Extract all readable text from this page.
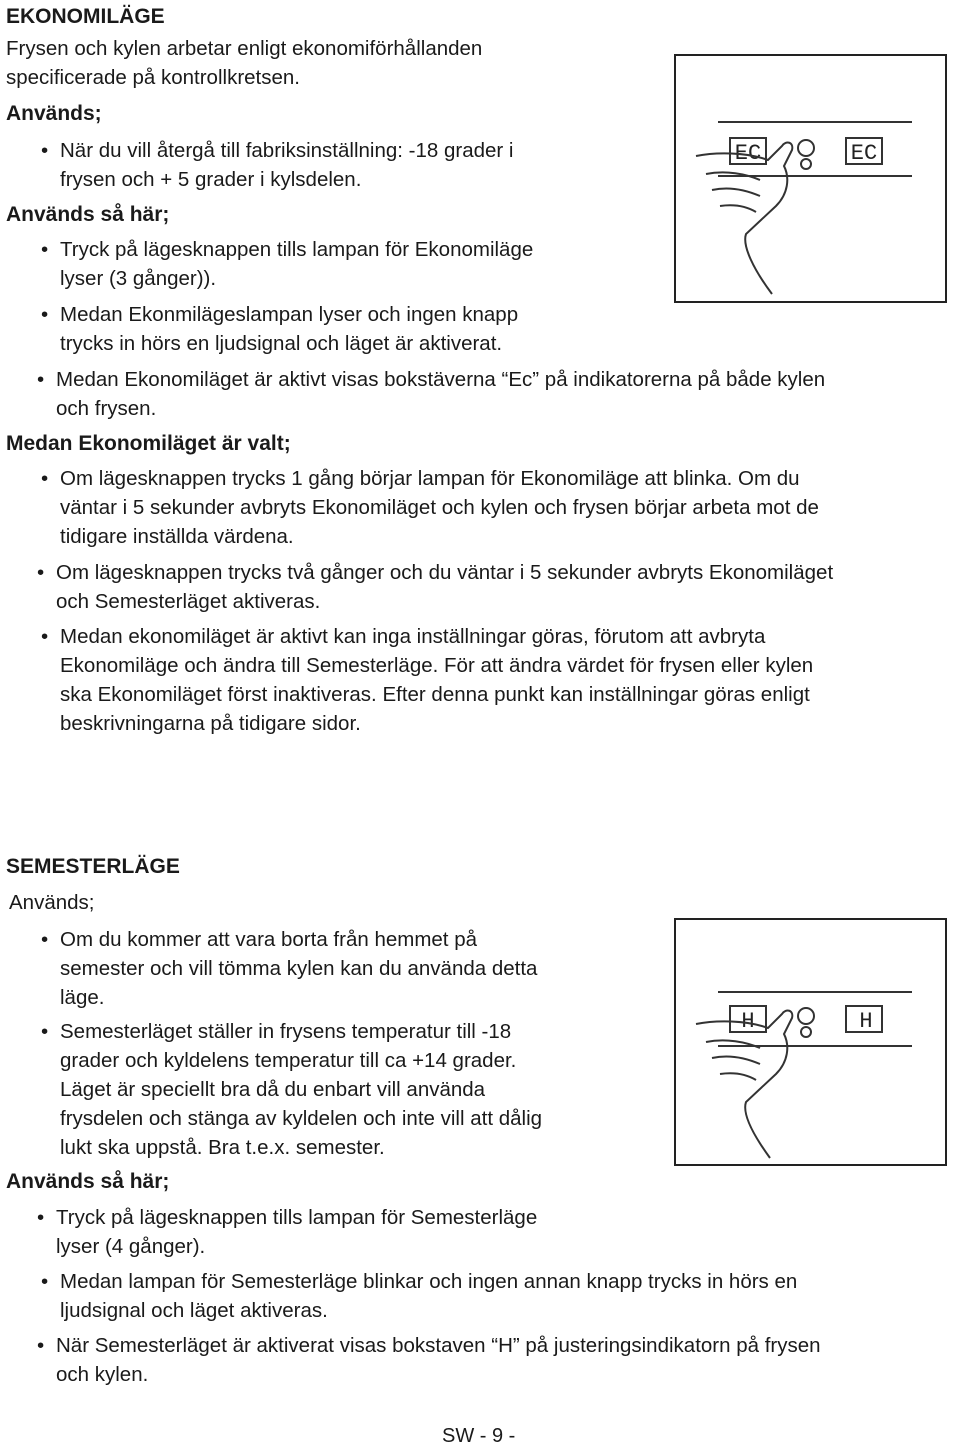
EKONOMILÄGE
Frysen och kylen arbetar enligt ekonomiförhållanden
specificerade på kontrollkretsen.
Används;
• När du vill återgå till fabriksinställning: -18 grader i
frysen och + 5 grader i kylsdelen.
Används så här;
• Tryck på lägesknappen tills lampan för Ekonomiläge
lyser (3 gånger)).
• Medan Ekonmilägeslampan lyser och ingen knapp
trycks in hörs en ljudsignal och läget är aktiverat.
• Medan Ekonomiläget är aktivt visas bokstäverna “Ec” på indikatorerna på både kylen
och frysen.
Medan Ekonomiläget är valt;
• Om lägesknappen trycks 1 gång börjar lampan för Ekonomiläge att blinka. Om du
väntar i 5 sekunder avbryts Ekonomiläget och kylen och frysen börjar arbeta mot de
tidigare inställda värdena.
• Om lägesknappen trycks två gånger och du väntar i 5 sekunder avbryts Ekonomiläget
och Semesterläget aktiveras.
• Medan ekonomiläget är aktivt kan inga inställningar göras, förutom att avbryta
Ekonomiläge och ändra till Semesterläge. För att ändra värdet för frysen eller kylen
ska Ekonomiläget först inaktiveras. Efter denna punkt kan inställningar göras enligt
beskrivningarna på tidigare sidor.
EC	EC
SEMESTERLÄGE
Används;
• Om du kommer att vara borta från hemmet på
semester och vill tömma kylen kan du använda detta
läge.
• Semesterläget ställer in frysens temperatur till -18
grader och kyldelens temperatur till ca +14 grader.
Läget är speciellt bra då du enbart vill använda
frysdelen och stänga av kyldelen och inte vill att dålig
lukt ska uppstå. Bra t.e.x. semester.
Används så här;
• Tryck på lägesknappen tills lampan för Semesterläge
lyser (4 gånger).
• Medan lampan för Semesterläge blinkar och ingen annan knapp trycks in hörs en
ljudsignal och läget aktiveras.
• När Semesterläget är aktiverat visas bokstaven “H” på justeringsindikatorn på frysen
och kylen.
H	H
SW - 9 -
